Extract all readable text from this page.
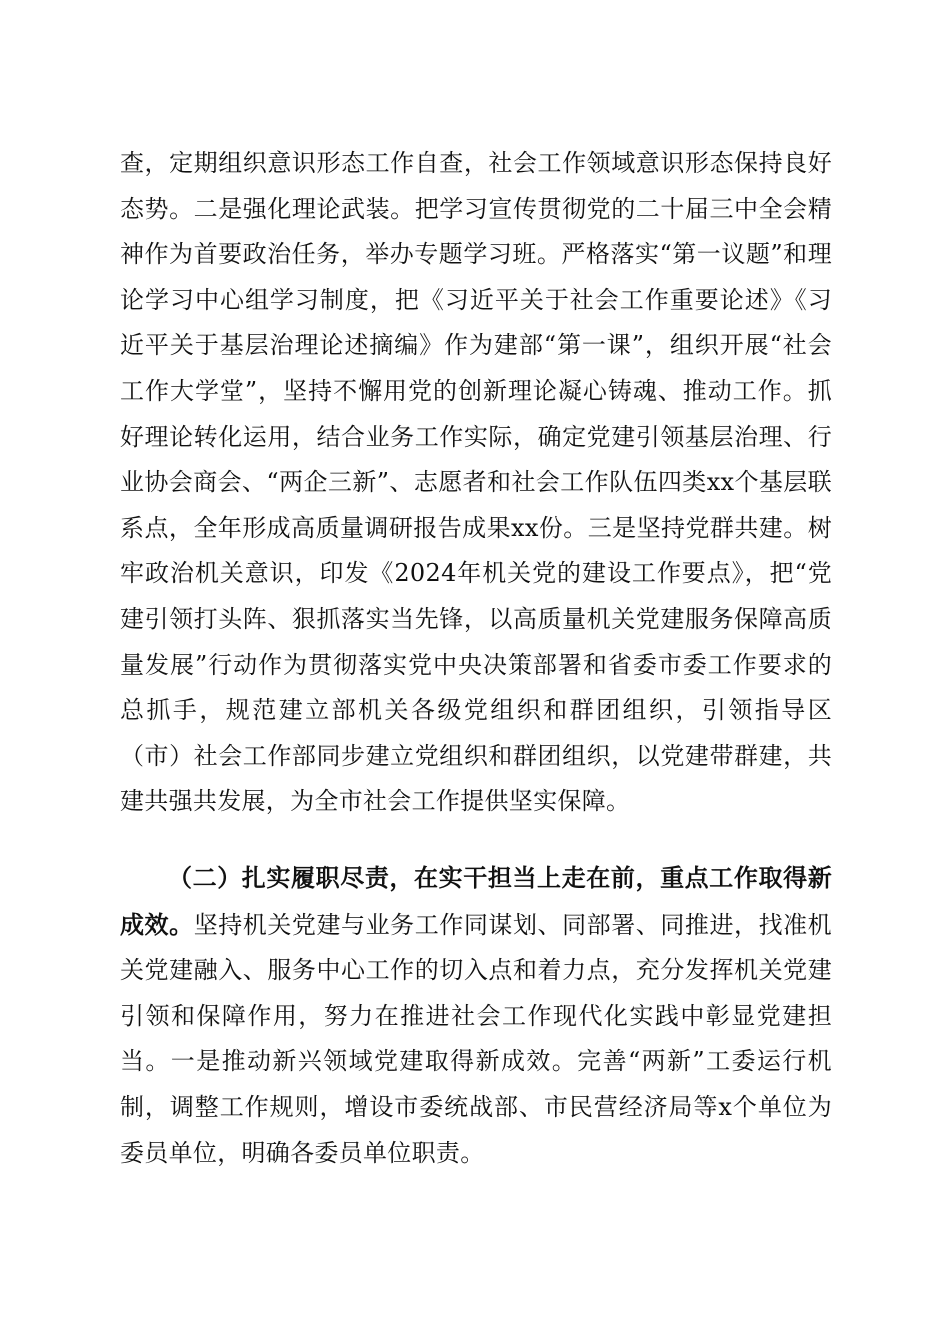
查，定期组织意识形态工作自查，社会工作领域意识形态保持良好态势。二是强化理论武装。把学习宣传贯彻党的二十届三中全会精神作为首要政治任务，举办专题学习班。严格落实“第一议题”和理论学习中心组学习制度，把《习近平关于社会工作重要论述》《习近平关于基层治理论述摘编》作为建部“第一课”，组织开展“社会工作大学堂”，坚持不懈用党的创新理论凝心铸魂、推动工作。抓好理论转化运用，结合业务工作实际，确定党建引领基层治理、行业协会商会、“两企三新”、志愿者和社会工作队伍四类xx个基层联系点，全年形成高质量调研报告成果xx份。三是坚持党群共建。树牢政治机关意识，印发《2024年机关党的建设工作要点》，把“党建引领打头阵、狠抓落实当先锋，以高质量机关党建服务保障高质量发展”行动作为贯彻落实党中央决策部署和省委市委工作要求的总抓手，规范建立部机关各级党组织和群团组织，引领指导区（市）社会工作部同步建立党组织和群团组织，以党建带群建，共建共强共发展，为全市社会工作提供坚实保障。

（二）扎实履职尽责，在实干担当上走在前，重点工作取得新成效。坚持机关党建与业务工作同谋划、同部署、同推进，找准机关党建融入、服务中心工作的切入点和着力点，充分发挥机关党建引领和保障作用，努力在推进社会工作现代化实践中彰显党建担当。一是推动新兴领域党建取得新成效。完善“两新”工委运行机制，调整工作规则，增设市委统战部、市民营经济局等x个单位为委员单位，明确各委员单位职责。
